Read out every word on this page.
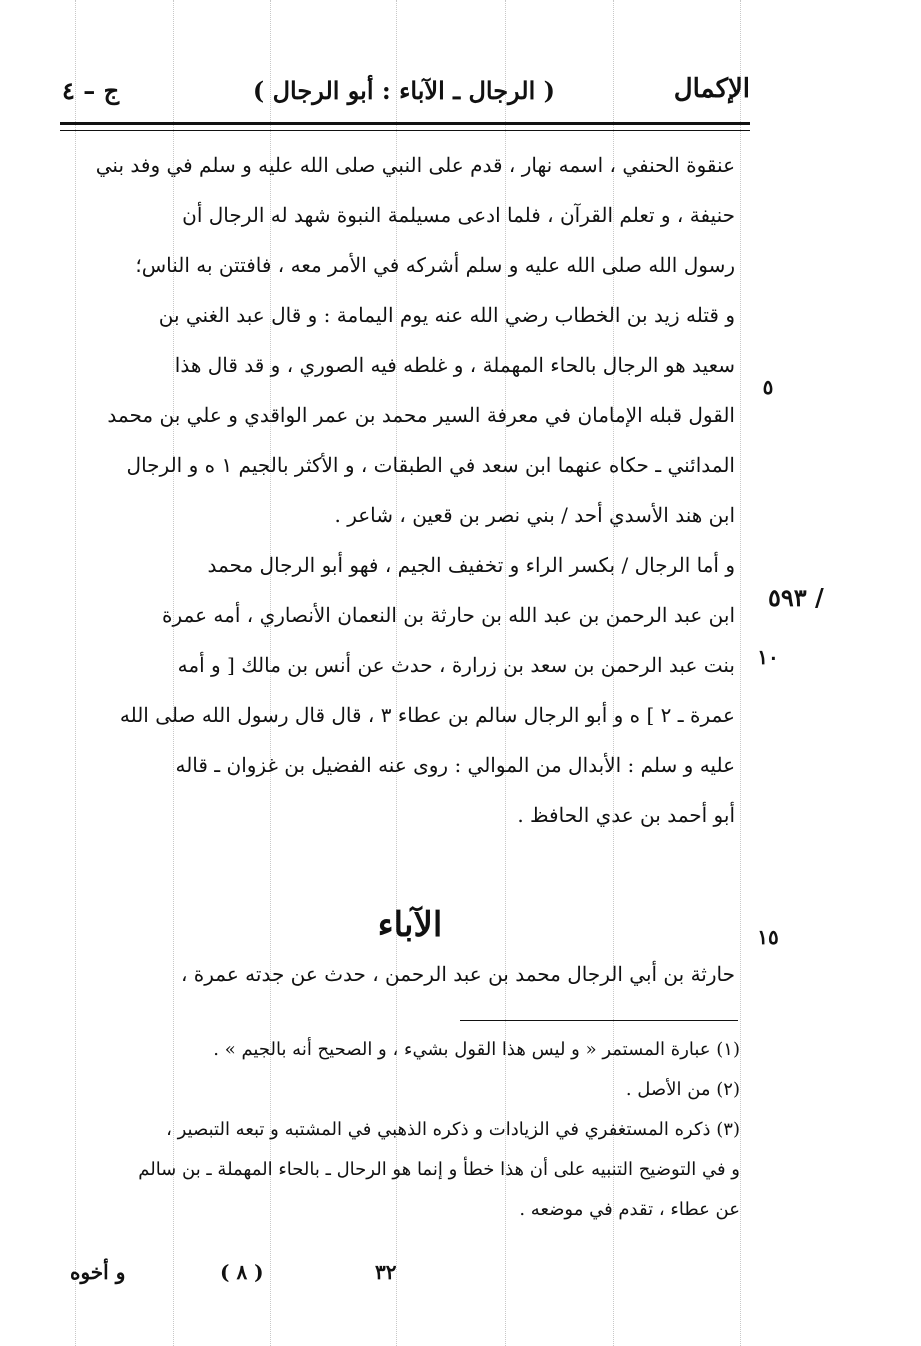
الإكمال
( الرجال ـ الآباء : أبو الرجال )
ج – ٤
عنقوة الحنفي ، اسمه نهار ، قدم على النبي صلى الله عليه و سلم في وفد بني
حنيفة ، و تعلم القرآن ، فلما ادعى مسيلمة النبوة شهد له الرجال أن
رسول الله صلى الله عليه و سلم أشركه في الأمر معه ، فافتتن به الناس؛
و قتله زيد بن الخطاب رضي الله عنه يوم اليمامة : و قال عبد الغني بن
سعيد هو الرجال بالحاء المهملة ، و غلطه فيه الصوري ، و قد قال هذا
القول قبله الإمامان في معرفة السير محمد بن عمر الواقدي و علي بن محمد
المدائني ـ حكاه عنهما ابن سعد في الطبقات ، و الأكثر بالجيم ١ ه و الرجال
ابن هند الأسدي أحد / بني نصر بن قعين ، شاعر .
و أما الرجال / بكسر الراء و تخفيف الجيم ، فهو أبو الرجال محمد
ابن عبد الرحمن بن عبد الله بن حارثة بن النعمان الأنصاري ، أمه عمرة
بنت عبد الرحمن بن سعد بن زرارة ، حدث عن أنس بن مالك [ و أمه
عمرة ـ ٢ ] ه و أبو الرجال سالم بن عطاء ٣ ، قال قال رسول الله صلى الله
عليه و سلم : الأبدال من الموالي : روى عنه الفضيل بن غزوان ـ قاله
أبو أحمد بن عدي الحافظ .
٥
١٠
١٥
٥٩٣ /
الآباء
حارثة بن أبي الرجال محمد بن عبد الرحمن ، حدث عن جدته عمرة ،
(١) عبارة المستمر « و ليس هذا القول بشيء ، و الصحيح أنه بالجيم » .
(٢) من الأصل .
(٣) ذكره المستغفري في الزيادات و ذكره الذهبي في المشتبه و تبعه التبصير ،
و في التوضيح التنبيه على أن هذا خطأ و إنما هو الرحال ـ بالحاء المهملة ـ بن سالم
عن عطاء ، تقدم في موضعه .
و أخوه	( ٨ )	٣٢
